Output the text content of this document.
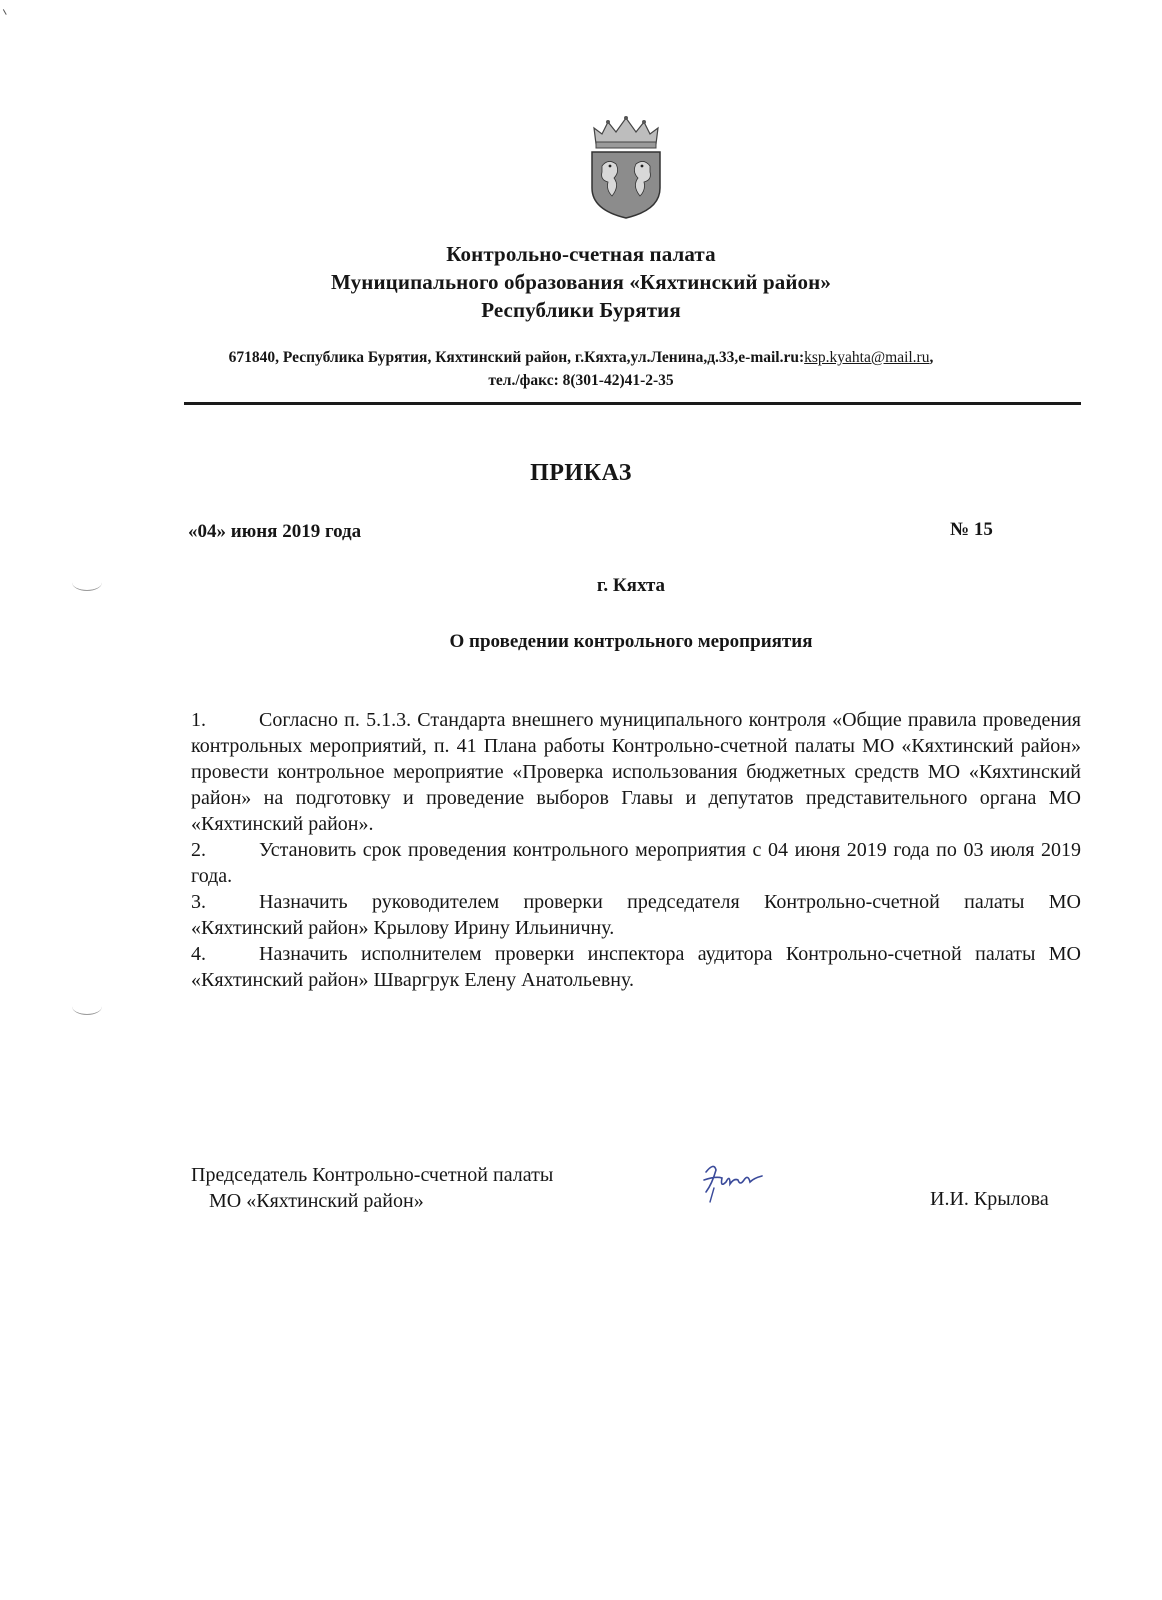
Контрольно-счетная палата
Муниципального образования «Кяхтинский район»
Республики Бурятия
671840, Республика Бурятия, Кяхтинский район, г.Кяхта,ул.Ленина,д.33,e-mail.ru:ksp.kyahta@mail.ru,
тел./факс: 8(301-42)41-2-35
ПРИКАЗ
«04» июня 2019 года	№ 15
г. Кяхта
О проведении контрольного мероприятия

1.	Согласно п. 5.1.3. Стандарта внешнего муниципального контроля «Общие правила проведения контрольных мероприятий, п. 41 Плана работы Контрольно-счетной палаты МО «Кяхтинский район» провести контрольное мероприятие «Проверка использования бюджетных средств МО «Кяхтинский район» на подготовку и проведение выборов Главы и депутатов представительного органа МО «Кяхтинский район».

2.	Установить срок проведения контрольного мероприятия с 04 июня 2019 года по 03 июля 2019 года.

3.	Назначить руководителем проверки председателя Контрольно-счетной палаты МО «Кяхтинский район» Крылову Ирину Ильиничну.

4.	Назначить исполнителем проверки инспектора аудитора Контрольно-счетной палаты МО «Кяхтинский район» Шваргрук Елену Анатольевну.

Председатель Контрольно-счетной палаты
МО «Кяхтинский район»	И.И. Крылова
